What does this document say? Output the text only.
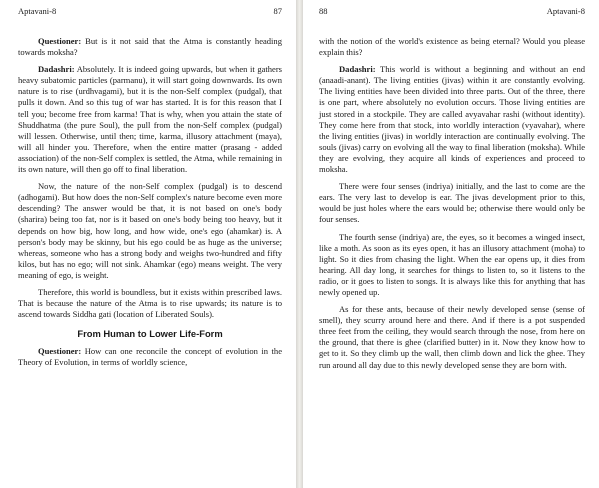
Aptavani-8	87

Questioner: But is it not said that the Atma is constantly heading towards moksha?

Dadashri: Absolutely. It is indeed going upwards, but when it gathers heavy subatomic particles (parmanu), it will start going downwards. Its own nature is to rise (urdhvagami), but it is the non-Self complex (pudgal), that pulls it down. And so this tug of war has started. It is for this reason that I tell you; become free from karma! That is why, when you attain the state of Shuddhatma (the pure Soul), the pull from the non-Self complex (pudgal) will lessen. Otherwise, until then; time, karma, illusory attachment (maya), will all hinder you. Therefore, when the entire matter (prasang - added association) of the non-Self complex is settled, the Atma, while remaining in its own nature, will then go off to final liberation.

Now, the nature of the non-Self complex (pudgal) is to descend (adhogami). But how does the non-Self complex's nature become even more descending? The answer would be that, it is not based on one's body (sharira) being too fat, nor is it based on one's body being too heavy, but it depends on how big, how long, and how wide, one's ego (ahamkar) is. A person's body may be skinny, but his ego could be as huge as the universe; whereas, someone who has a strong body and weighs two-hundred and fifty kilos, but has no ego; will not sink. Ahamkar (ego) means weight. The very meaning of ego, is weight.

Therefore, this world is boundless, but it exists within prescribed laws. That is because the nature of the Atma is to rise upwards; its nature is to ascend towards Siddha gati (location of Liberated Souls).

From Human to Lower Life-Form

Questioner: How can one reconcile the concept of evolution in the Theory of Evolution, in terms of worldly science,

88	Aptavani-8

with the notion of the world's existence as being eternal? Would you please explain this?

Dadashri: This world is without a beginning and without an end (anaadi-anant). The living entities (jivas) within it are constantly evolving. The living entities have been divided into three parts. Out of the three, there is one part, where absolutely no evolution occurs. Those living entities are just stored in a stockpile. They are called avyavahar rashi (without identity). They come here from that stock, into worldly interaction (vyavahar), where the living entities (jivas) in worldly interaction are continually evolving. The souls (jivas) carry on evolving all the way to final liberation (moksha). While they are evolving, they acquire all kinds of experiences and proceed to moksha.

There were four senses (indriya) initially, and the last to come are the ears. The very last to develop is ear. The jivas development prior to this, would be just holes where the ears would be; otherwise there would only be four senses.

The fourth sense (indriya) are, the eyes, so it becomes a winged insect, like a moth. As soon as its eyes open, it has an illusory attachment (moha) to light. So it dies from chasing the light. When the ear opens up, it dies from hearing. All day long, it searches for things to listen to, so it listens to the radio, or it goes to listen to songs. It is always like this for anything that has newly opened up.

As for these ants, because of their newly developed sense (sense of smell), they scurry around here and there. And if there is a pot suspended three feet from the ceiling, they would search through the nose, from here on the ground, that there is ghee (clarified butter) in it. Now they know how to get to it. So they climb up the wall, then climb down and lick the ghee. They run around all day due to this newly developed sense they are born with.
